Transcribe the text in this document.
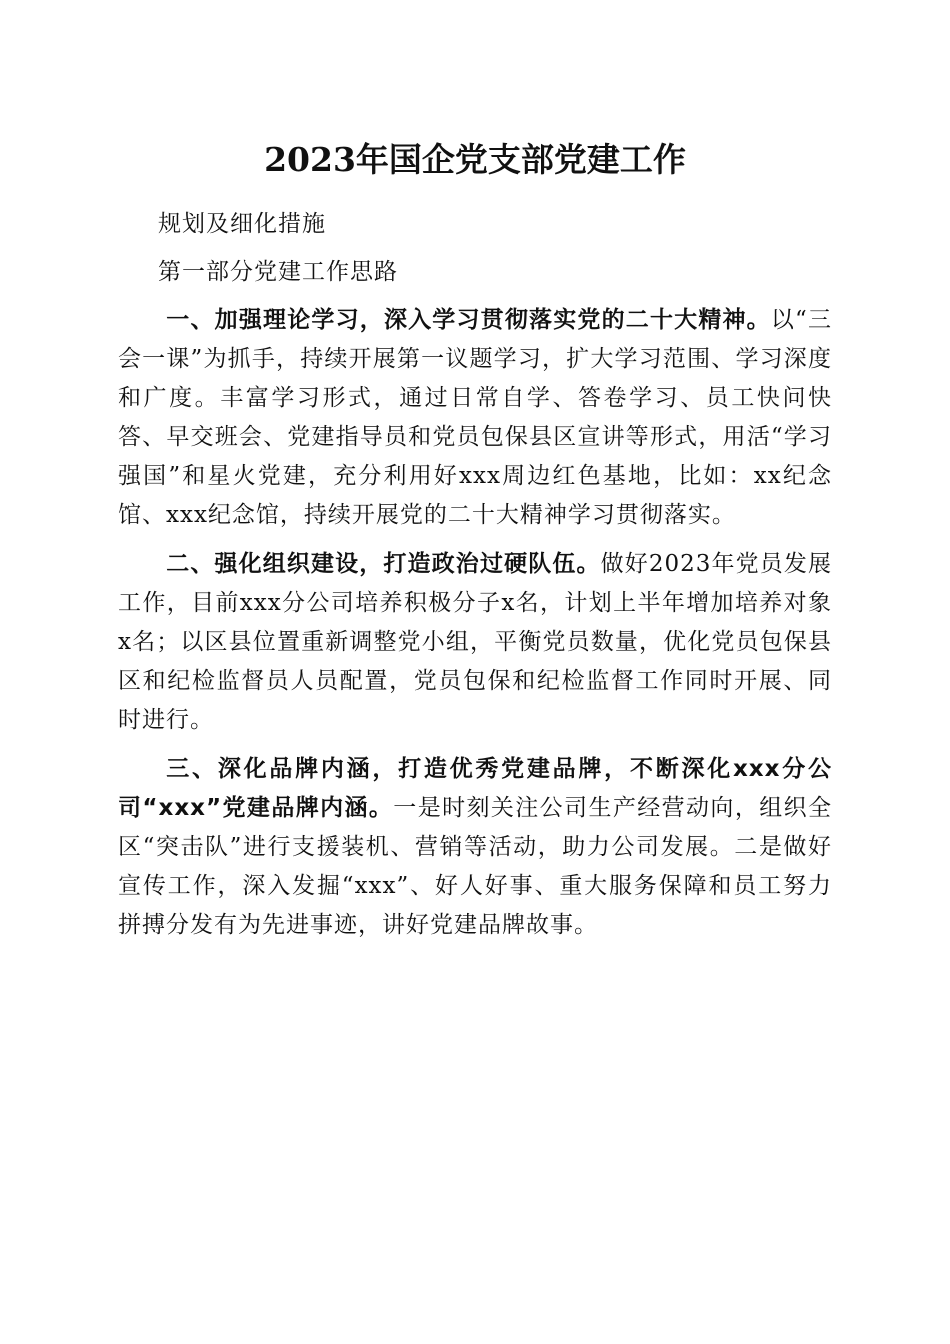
2023年国企党支部党建工作

规划及细化措施

第一部分党建工作思路

一、加强理论学习，深入学习贯彻落实党的二十大精神。以“三会一课”为抓手，持续开展第一议题学习，扩大学习范围、学习深度和广度。丰富学习形式，通过日常自学、答卷学习、员工快问快答、早交班会、党建指导员和党员包保县区宣讲等形式，用活“学习强国”和星火党建，充分利用好xxx周边红色基地，比如：xx纪念馆、xxx纪念馆，持续开展党的二十大精神学习贯彻落实。

二、强化组织建设，打造政治过硬队伍。做好2023年党员发展工作，目前xxx分公司培养积极分子x名，计划上半年增加培养对象x名；以区县位置重新调整党小组，平衡党员数量，优化党员包保县区和纪检监督员人员配置，党员包保和纪检监督工作同时开展、同时进行。

三、深化品牌内涵，打造优秀党建品牌，不断深化xxx分公司“xxx”党建品牌内涵。一是时刻关注公司生产经营动向，组织全区“突击队”进行支援装机、营销等活动，助力公司发展。二是做好宣传工作，深入发掘“xxx”、好人好事、重大服务保障和员工努力拼搏分发有为先进事迹，讲好党建品牌故事。
